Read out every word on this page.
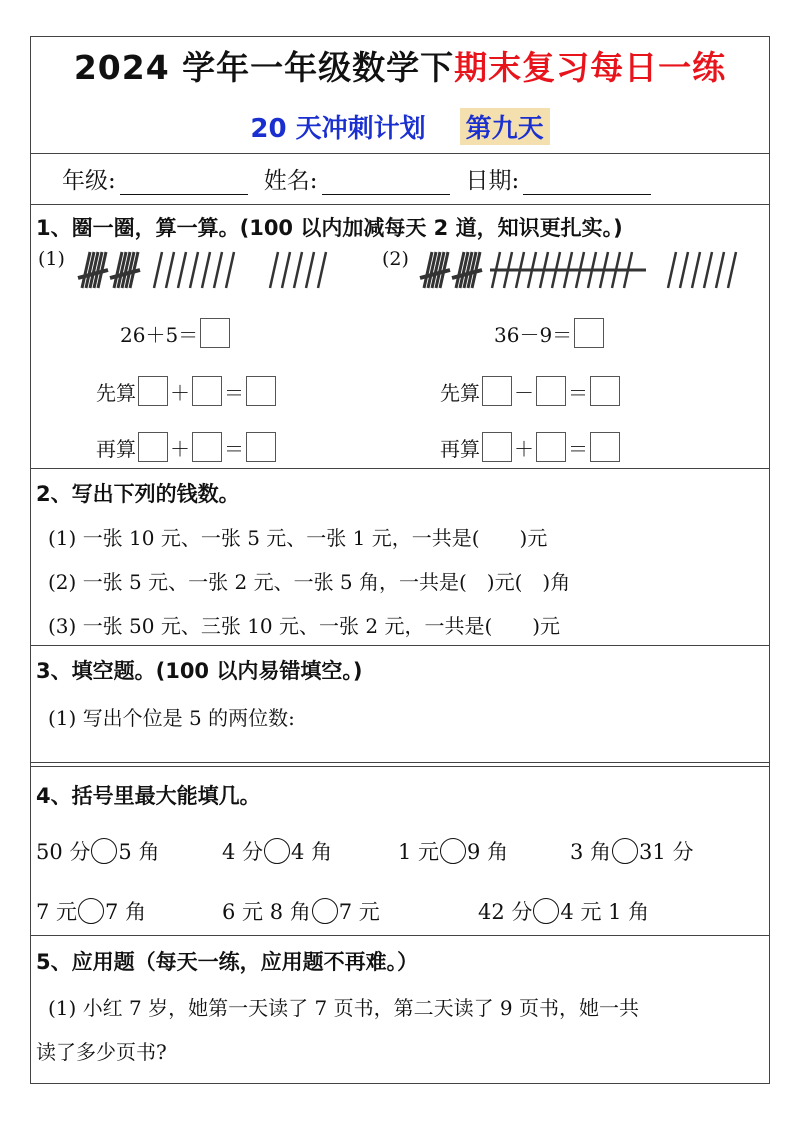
2024 学年一年级数学下期末复习每日一练
20 天冲刺计划 第九天
年级:	姓名:	日期:
1、圈一圈，算一算。(100 以内加减每天 2 道，知识更扎实。)
(1)	(2)
26＋5＝
先算 ＋ ＝
再算 ＋ ＝
36－9＝
先算 － ＝
再算 ＋ ＝
2、写出下列的钱数。
(1) 一张 10 元、一张 5 元、一张 1 元，一共是(　　)元
(2) 一张 5 元、一张 2 元、一张 5 角，一共是(　)元(　)角
(3) 一张 50 元、三张 10 元、一张 2 元，一共是(　　)元
3、填空题。(100 以内易错填空。)
(1) 写出个位是 5 的两位数:
4、括号里最大能填几。
50 分 5 角	4 分 4 角	1 元 9 角	3 角 31 分
7 元 7 角	6 元 8 角 7 元	42 分 4 元 1 角
5、应用题（每天一练，应用题不再难。）
(1) 小红 7 岁，她第一天读了 7 页书，第二天读了 9 页书，她一共
读了多少页书?
